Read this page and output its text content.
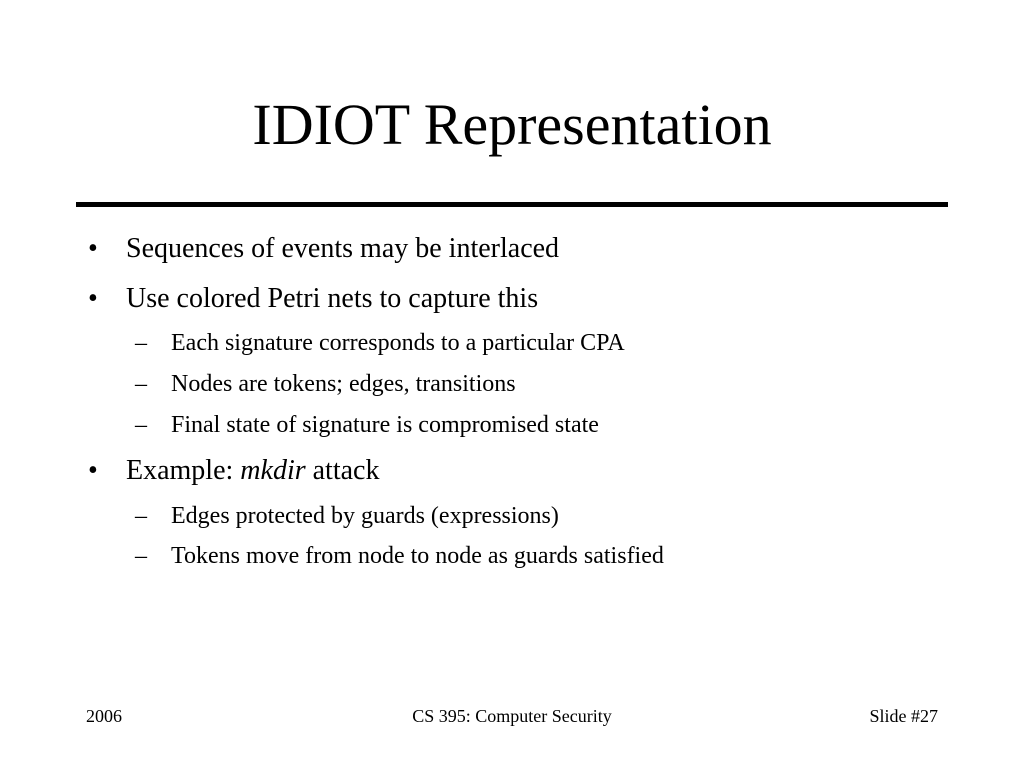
IDIOT Representation
• Sequences of events may be interlaced
• Use colored Petri nets to capture this
– Each signature corresponds to a particular CPA
– Nodes are tokens; edges, transitions
– Final state of signature is compromised state
• Example: mkdir attack
– Edges protected by guards (expressions)
– Tokens move from node to node as guards satisfied
2006	CS 395: Computer Security	Slide #27
